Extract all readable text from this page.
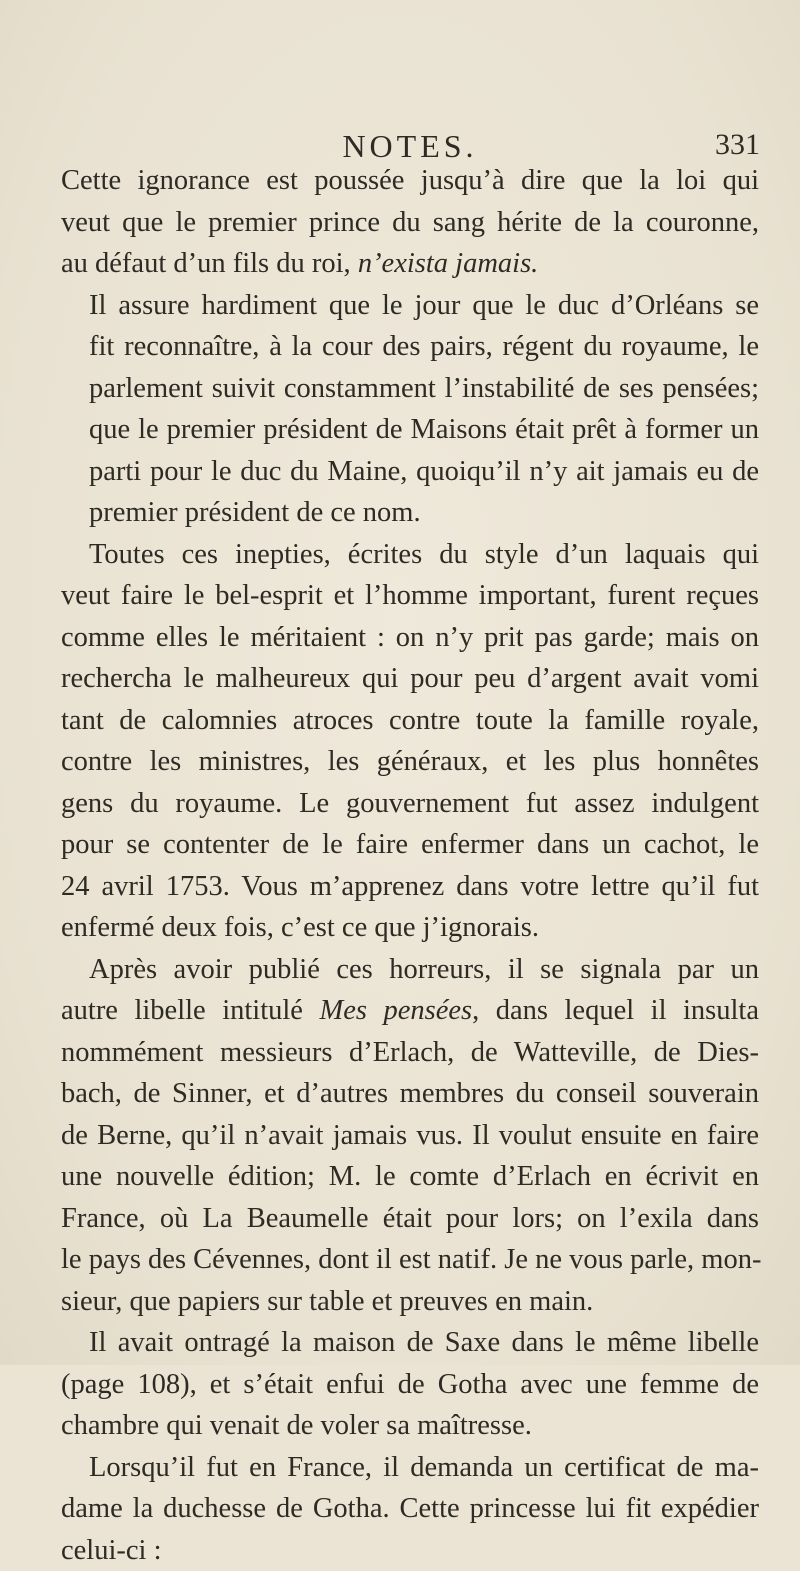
NOTES.	331

Cette ignorance est poussée jusqu’à dire que la loi qui
veut que le premier prince du sang hérite de la couronne,
au défaut d’un fils du roi, n’exista jamais.

Il assure hardiment que le jour que le duc d’Orléans se
fit reconnaître, à la cour des pairs, régent du royaume, le
parlement suivit constamment l’instabilité de ses pensées;
que le premier président de Maisons était prêt à former un
parti pour le duc du Maine, quoiqu’il n’y ait jamais eu de
premier président de ce nom.

Toutes ces inepties, écrites du style d’un laquais qui
veut faire le bel-esprit et l’homme important, furent reçues
comme elles le méritaient : on n’y prit pas garde; mais on
rechercha le malheureux qui pour peu d’argent avait vomi
tant de calomnies atroces contre toute la famille royale,
contre les ministres, les généraux, et les plus honnêtes
gens du royaume. Le gouvernement fut assez indulgent
pour se contenter de le faire enfermer dans un cachot, le
24 avril 1753. Vous m’apprenez dans votre lettre qu’il fut
enfermé deux fois, c’est ce que j’ignorais.

Après avoir publié ces horreurs, il se signala par un
autre libelle intitulé Mes pensées, dans lequel il insulta
nommément messieurs d’Erlach, de Watteville, de Dies-
bach, de Sinner, et d’autres membres du conseil souverain
de Berne, qu’il n’avait jamais vus. Il voulut ensuite en faire
une nouvelle édition; M. le comte d’Erlach en écrivit en
France, où La Beaumelle était pour lors; on l’exila dans
le pays des Cévennes, dont il est natif. Je ne vous parle, mon-
sieur, que papiers sur table et preuves en main.

Il avait ontragé la maison de Saxe dans le même libelle
(page 108), et s’était enfui de Gotha avec une femme de
chambre qui venait de voler sa maîtresse.

Lorsqu’il fut en France, il demanda un certificat de ma-
dame la duchesse de Gotha. Cette princesse lui fit expédier
celui-ci :
